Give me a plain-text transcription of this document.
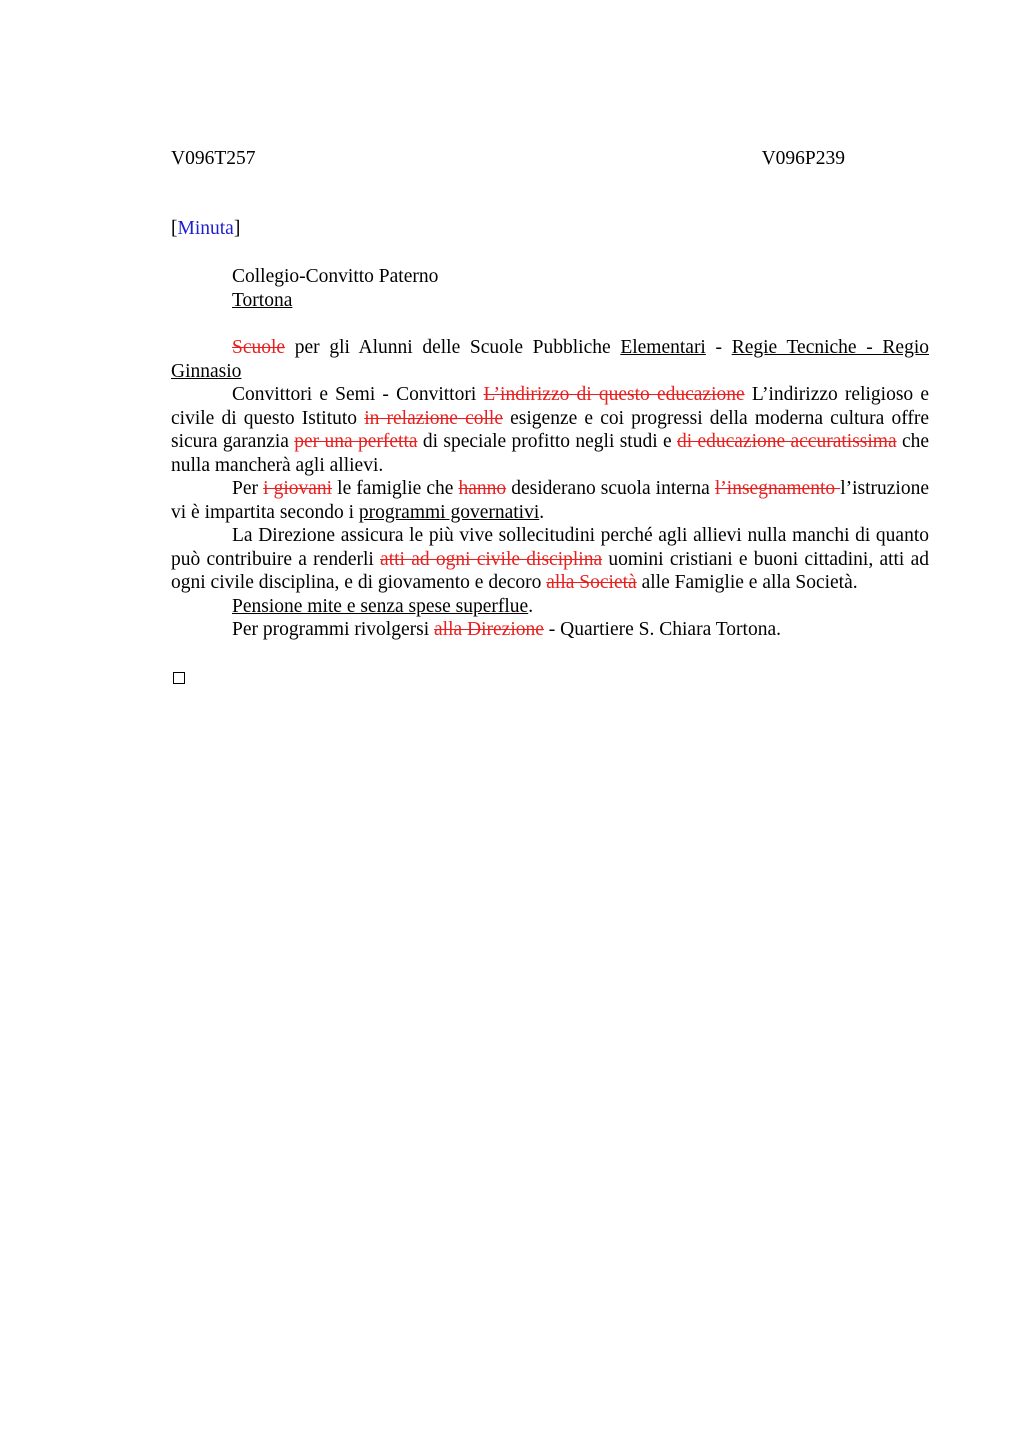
V096T257	V096P239
[Minuta]
Collegio-Convitto Paterno
Tortona

Scuole per gli Alunni delle Scuole Pubbliche Elementari - Regie Tecniche - Regio Ginnasio

Convittori e Semi - Convittori L’indirizzo di questo educazione L’indirizzo religioso e civile di questo Istituto in relazione colle esigenze e coi progressi della moderna cultura offre sicura garanzia per una perfetta di speciale profitto negli studi e di educazione accuratissima che nulla mancherà agli allievi.

Per i giovani le famiglie che hanno desiderano scuola interna l’insegnamento l’istruzione vi è impartita secondo i programmi governativi.

La Direzione assicura le più vive sollecitudini perché agli allievi nulla manchi di quanto può contribuire a renderli atti ad ogni civile disciplina uomini cristiani e buoni cittadini, atti ad ogni civile disciplina, e di giovamento e decoro alla Società alle Famiglie e alla Società.

Pensione mite e senza spese superflue.

Per programmi rivolgersi alla Direzione - Quartiere S. Chiara Tortona.
